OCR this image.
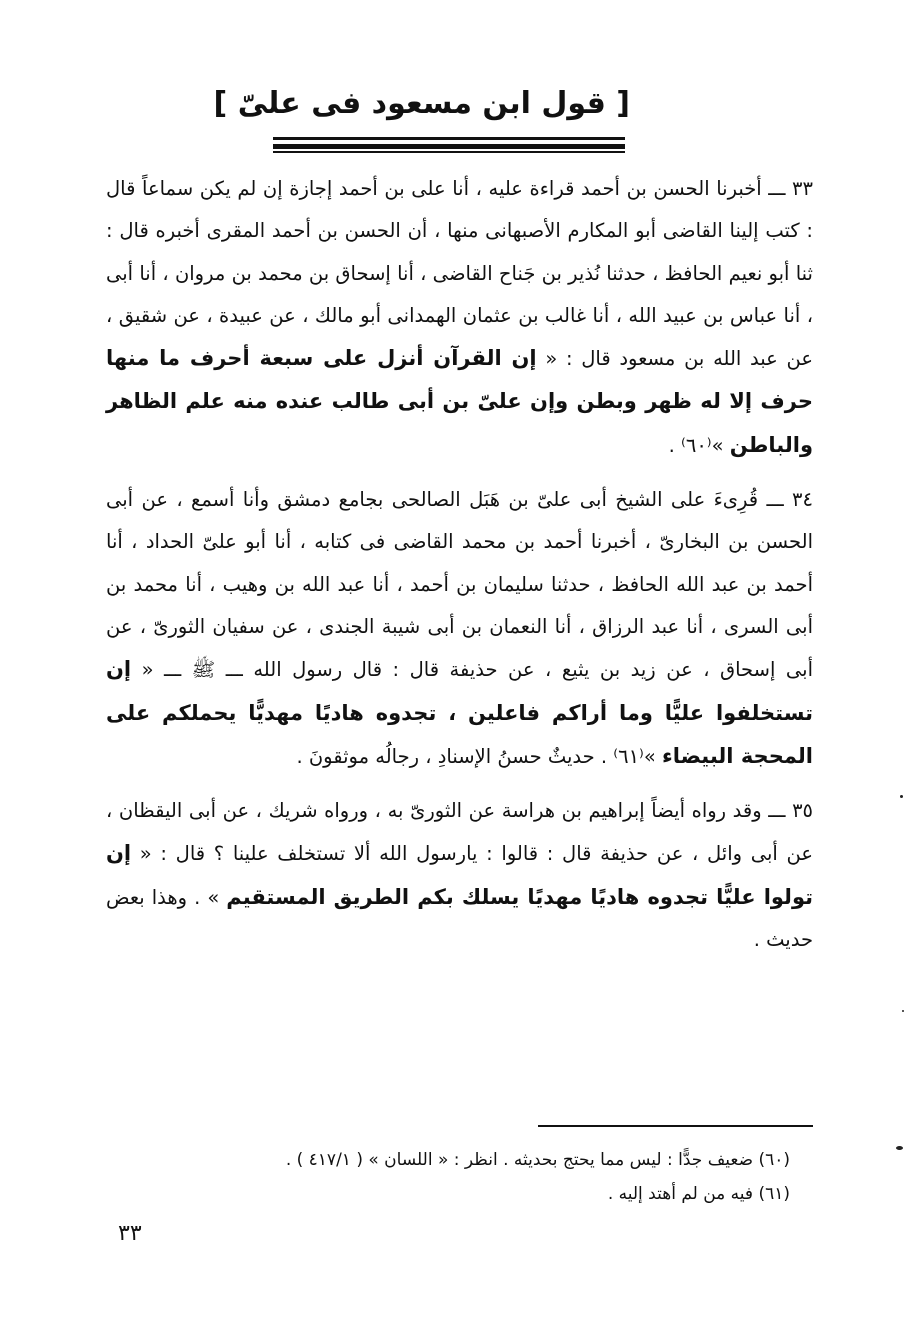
[ قول ابن مسعود فى علىّ ]

٣٣ ـــ أخبرنا الحسن بن أحمد قراءة عليه ، أنا على بن أحمد إجازة إن لم يكن سماعاً قال : كتب إلينا القاضى أبو المكارم الأصبهانى منها ، أن الحسن بن أحمد المقرى أخبره قال : ثنا أبو نعيم الحافظ ، حدثنا نُذير بن جَناح القاضى ، أنا إسحاق بن محمد بن مروان ، أنا أبى ، أنا عباس بن عبيد الله ، أنا غالب بن عثمان الهمدانى أبو مالك ، عن عبيدة ، عن شقيق ، عن عبد الله بن مسعود قال : « إن القرآن أنزل على سبعة أحرف ما منها حرف إلا له ظهر وبطن وإن علىّ بن أبى طالب عنده منه علم الظاهر والباطن »⁽٦٠⁾ .

٣٤ ـــ قُرِىءَ على الشيخ أبى علىّ بن هَبَل الصالحى بجامع دمشق وأنا أسمع ، عن أبى الحسن بن البخارىّ ، أخبرنا أحمد بن محمد القاضى فى كتابه ، أنا أبو علىّ الحداد ، أنا أحمد بن عبد الله الحافظ ، حدثنا سليمان بن أحمد ، أنا عبد الله بن وهيب ، أنا محمد بن أبى السرى ، أنا عبد الرزاق ، أنا النعمان بن أبى شيبة الجندى ، عن سفيان الثورىّ ، عن أبى إسحاق ، عن زيد بن يثيع ، عن حذيفة قال : قال رسول الله ـــ ﷺ ـــ « إن تستخلفوا عليًّا وما أراكم فاعلين ، تجدوه هاديًا مهديًّا يحملكم على المحجة البيضاء »⁽٦١⁾ . حديثٌ حسنُ الإسنادِ ، رجالُه موثقونَ .

٣٥ ـــ وقد رواه أيضاً إبراهيم بن هراسة عن الثورىّ به ، ورواه شريك ، عن أبى اليقظان ، عن أبى وائل ، عن حذيفة قال : قالوا : يارسول الله ألا تستخلف علينا ؟ قال : « إن تولوا عليًّا تجدوه هاديًا مهديًا يسلك بكم الطريق المستقيم » . وهذا بعض حديث .

(٦٠) ضعيف جدًّا : ليس مما يحتج بحديثه . انظر : « اللسان » ( ٤١٧/١ ) .

(٦١) فيه من لم أهتد إليه .

٣٣
